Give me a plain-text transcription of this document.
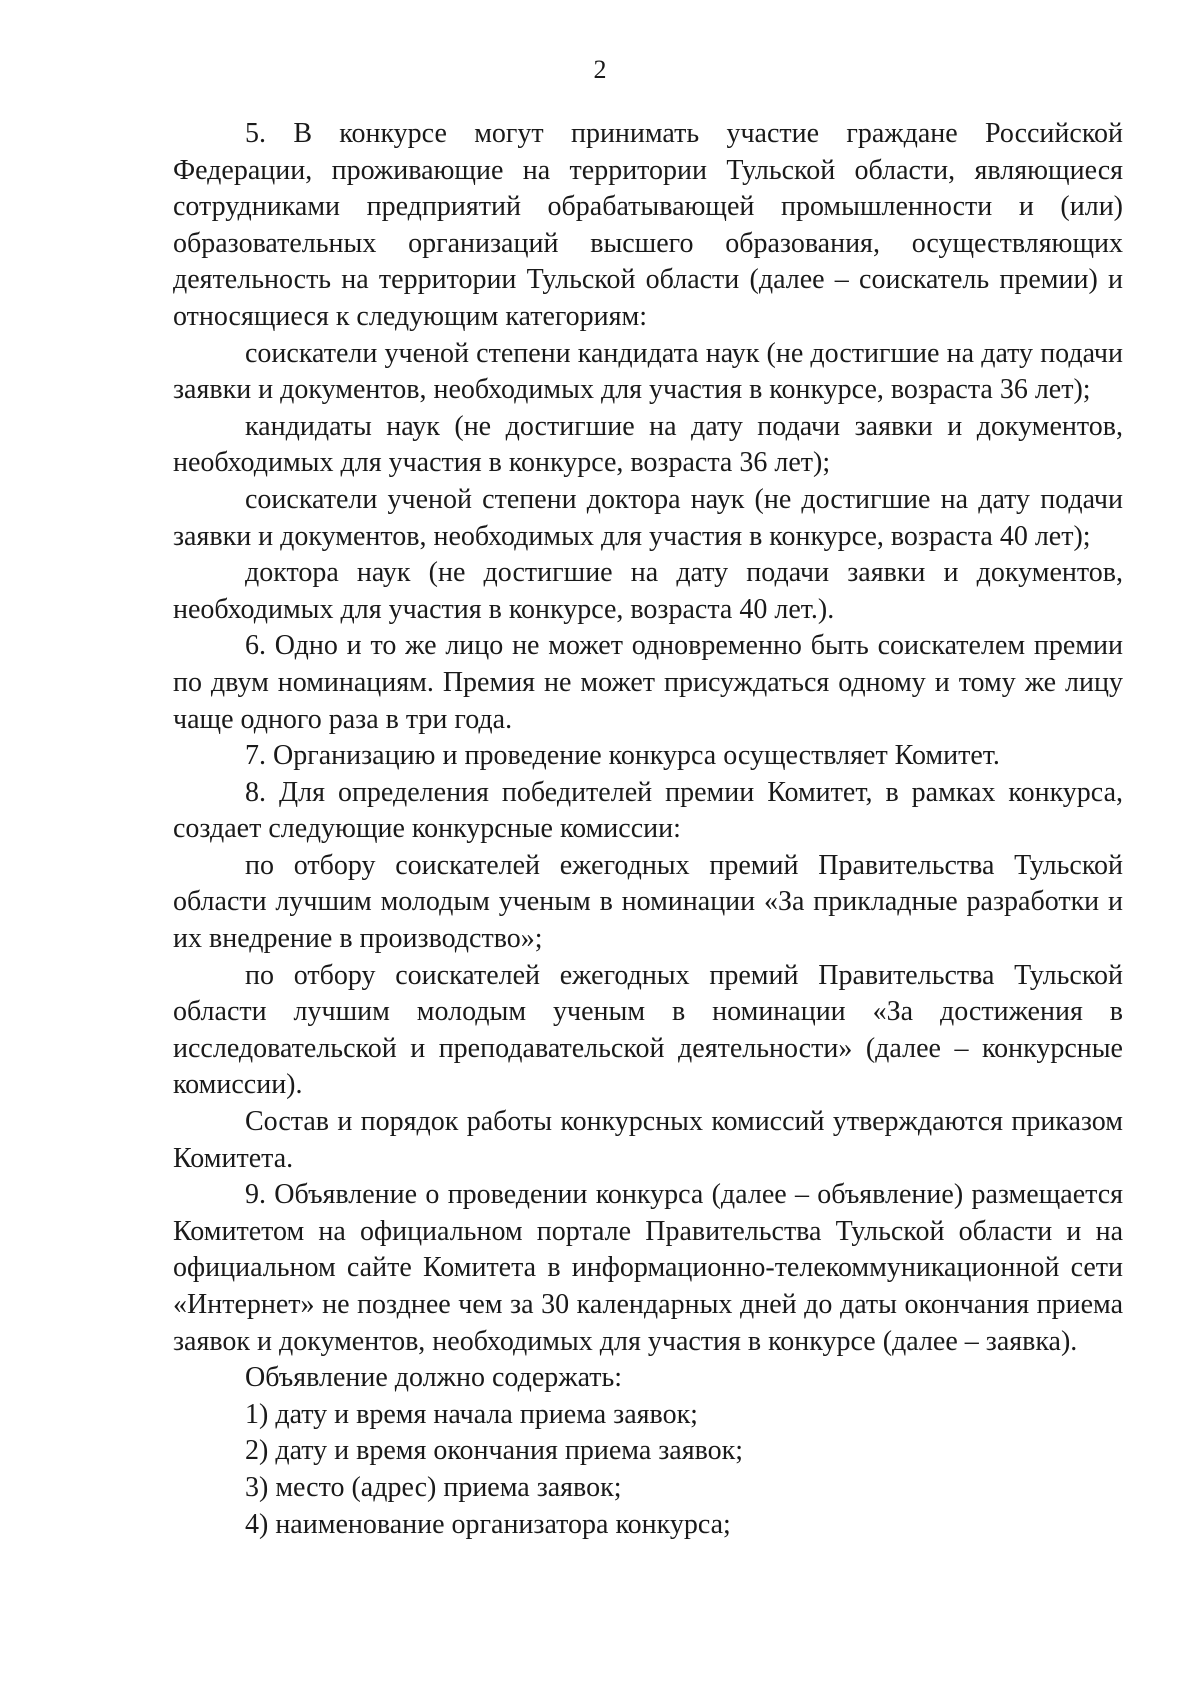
2

5. В конкурсе могут принимать участие граждане Российской Федерации, проживающие на территории Тульской области, являющиеся сотрудниками предприятий обрабатывающей промышленности и (или) образовательных организаций высшего образования, осуществляющих деятельность на территории Тульской области (далее – соискатель премии) и относящиеся к следующим категориям:

соискатели ученой степени кандидата наук (не достигшие на дату подачи заявки и документов, необходимых для участия в конкурсе, возраста 36 лет);

кандидаты наук (не достигшие на дату подачи заявки и документов, необходимых для участия в конкурсе, возраста 36 лет);

соискатели ученой степени доктора наук (не достигшие на дату подачи заявки и документов, необходимых для участия в конкурсе, возраста 40 лет);

доктора наук (не достигшие на дату подачи заявки и документов, необходимых для участия в конкурсе, возраста 40 лет.).

6. Одно и то же лицо не может одновременно быть соискателем премии по двум номинациям. Премия не может присуждаться одному и тому же лицу чаще одного раза в три года.

7. Организацию и проведение конкурса осуществляет Комитет.

8. Для определения победителей премии Комитет, в рамках конкурса, создает следующие конкурсные комиссии:

по отбору соискателей ежегодных премий Правительства Тульской области лучшим молодым ученым в номинации «За прикладные разработки и их внедрение в производство»;

по отбору соискателей ежегодных премий Правительства Тульской области лучшим молодым ученым в номинации «За достижения в исследовательской и преподавательской деятельности» (далее – конкурсные комиссии).

Состав и порядок работы конкурсных комиссий утверждаются приказом Комитета.

9. Объявление о проведении конкурса (далее – объявление) размещается Комитетом на официальном портале Правительства Тульской области и на официальном сайте Комитета в информационно-телекоммуникационной сети «Интернет» не позднее чем за 30 календарных дней до даты окончания приема заявок и документов, необходимых для участия в конкурсе (далее – заявка).

Объявление должно содержать:

1) дату и время начала приема заявок;

2) дату и время окончания приема заявок;

3) место (адрес) приема заявок;

4) наименование организатора конкурса;
